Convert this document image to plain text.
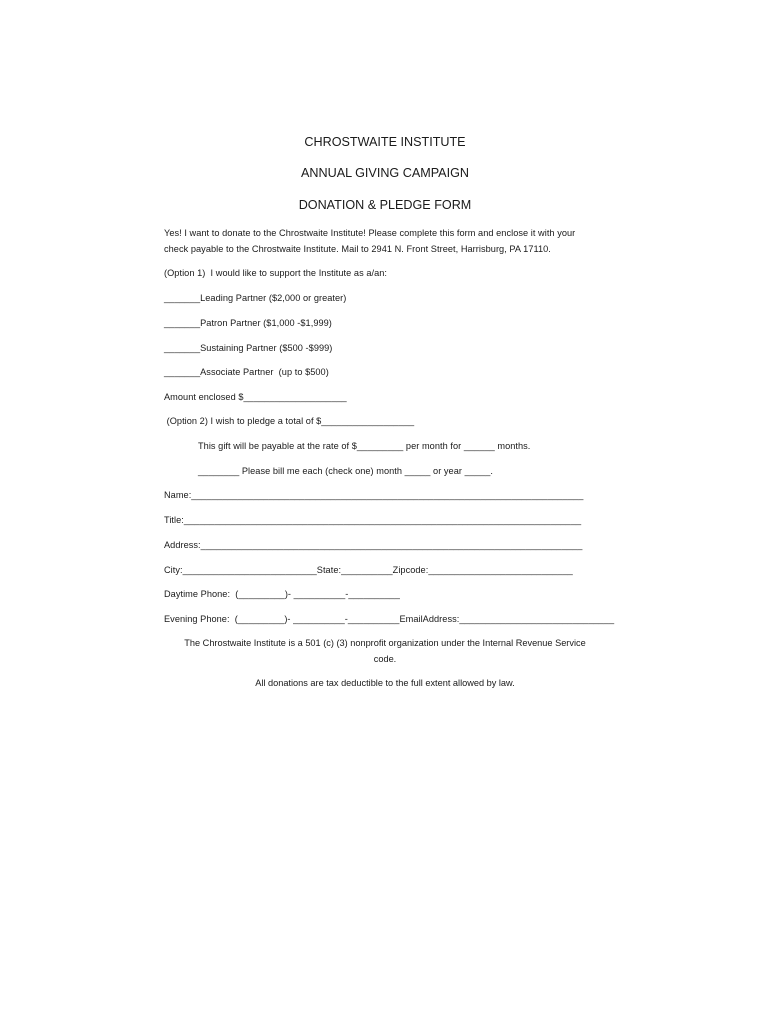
CHROSTWAITE INSTITUTE
ANNUAL GIVING CAMPAIGN
DONATION & PLEDGE FORM
Yes! I want to donate to the Chrostwaite Institute! Please complete this form and enclose it with your
check payable to the Chrostwaite Institute. Mail to 2941 N. Front Street, Harrisburg, PA 17110.
(Option 1)  I would like to support the Institute as a/an:
_______Leading Partner ($2,000 or greater)
_______Patron Partner ($1,000 -$1,999)
_______Sustaining Partner ($500 -$999)
_______Associate Partner  (up to $500)
Amount enclosed $____________________
(Option 2) I wish to pledge a total of $__________________
This gift will be payable at the rate of $_________ per month for ______ months.
________ Please bill me each (check one) month _____ or year _____.
Name:____________________________________________________________________________
Title:_____________________________________________________________________________
Address:__________________________________________________________________________
City:__________________________State:__________Zipcode:____________________________
Daytime Phone:  (_________)- __________-__________
Evening Phone:  (_________)- __________-__________EmailAddress:______________________________
The Chrostwaite Institute is a 501 (c) (3) nonprofit organization under the Internal Revenue Service
code.
All donations are tax deductible to the full extent allowed by law.
